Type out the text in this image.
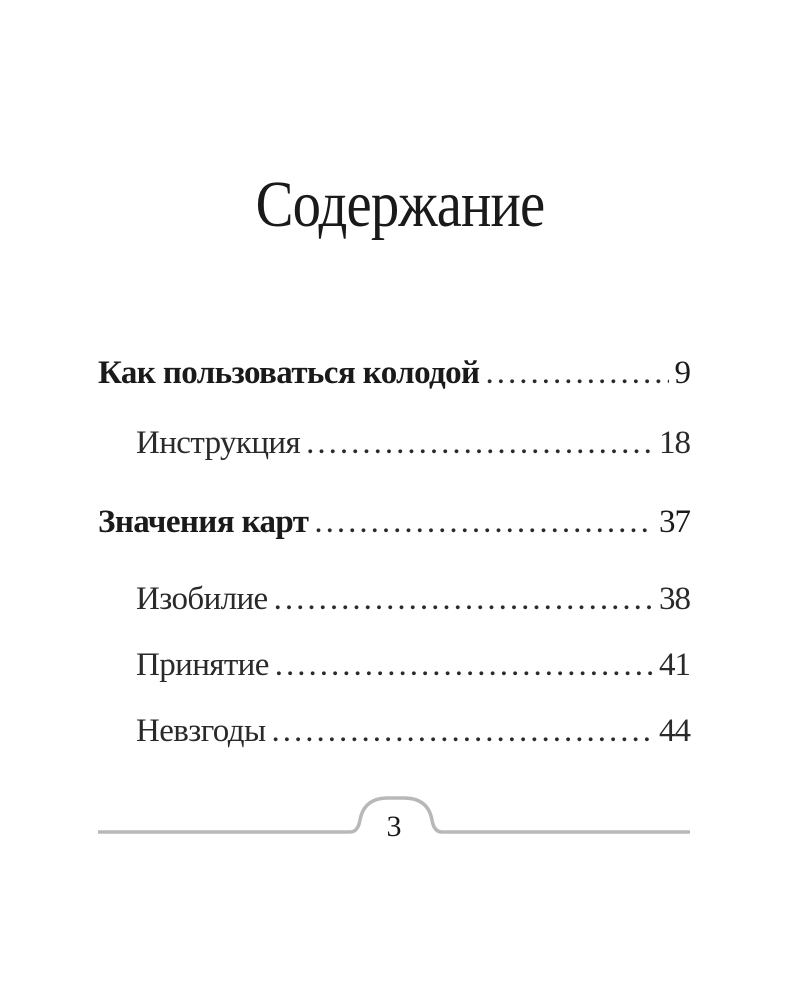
Содержание
Как пользоваться колодой .....	9
Инструкция .....	18
Значения карт .....	37
Изобилие .....	38
Принятие .....	41
Невзгоды .....	44
3
